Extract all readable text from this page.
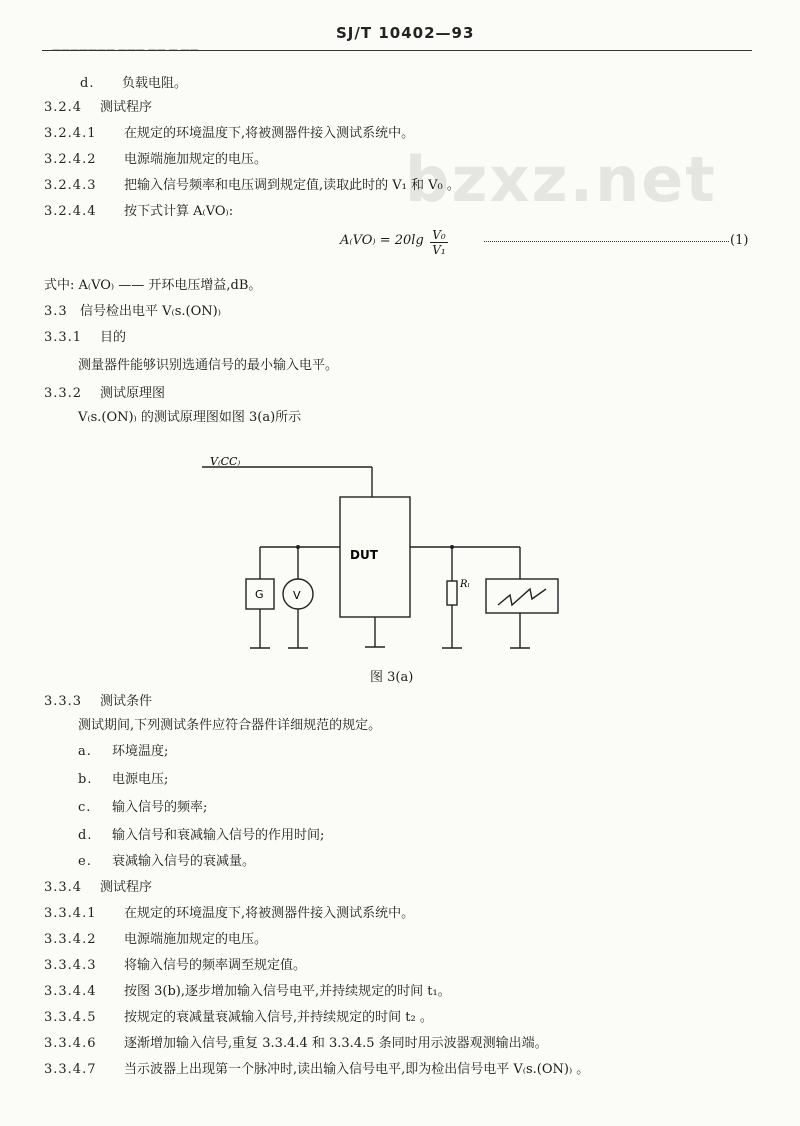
SJ/T 10402—93
——————— ——— —— — ——
bzxz.net
d. 负载电阻。
3.2.4 测试程序
3.2.4.1 在规定的环境温度下,将被测器件接入测试系统中。
3.2.4.2 电源端施加规定的电压。
3.2.4.3 把输入信号频率和电压调到规定值,读取此时的 V₁ 和 V₀ 。
3.2.4.4 按下式计算 A₍VO₎:
A₍VO₎ = 20lg V₀
V₁
(1)
式中: A₍VO₎ —— 开环电压增益,dB。
3.3 信号检出电平 V₍s.(ON)₎
3.3.1 目的
测量器件能够识别选通信号的最小输入电平。
3.3.2 测试原理图
V₍s.(ON)₎ 的测试原理图如图 3(a)所示
V₍CC₎
DUT
G	V
Rₗ
图 3(a)
3.3.3 测试条件
测试期间,下列测试条件应符合器件详细规范的规定。
a. 环境温度;
b. 电源电压;
c. 输入信号的频率;
d. 输入信号和衰减输入信号的作用时间;
e. 衰减输入信号的衰减量。
3.3.4 测试程序
3.3.4.1 在规定的环境温度下,将被测器件接入测试系统中。
3.3.4.2 电源端施加规定的电压。
3.3.4.3 将输入信号的频率调至规定值。
3.3.4.4 按图 3(b),逐步增加输入信号电平,并持续规定的时间 t₁。
3.3.4.5 按规定的衰减量衰减输入信号,并持续规定的时间 t₂ 。
3.3.4.6 逐渐增加输入信号,重复 3.3.4.4 和 3.3.4.5 条同时用示波器观测输出端。
3.3.4.7 当示波器上出现第一个脉冲时,读出输入信号电平,即为检出信号电平 V₍s.(ON)₎ 。
